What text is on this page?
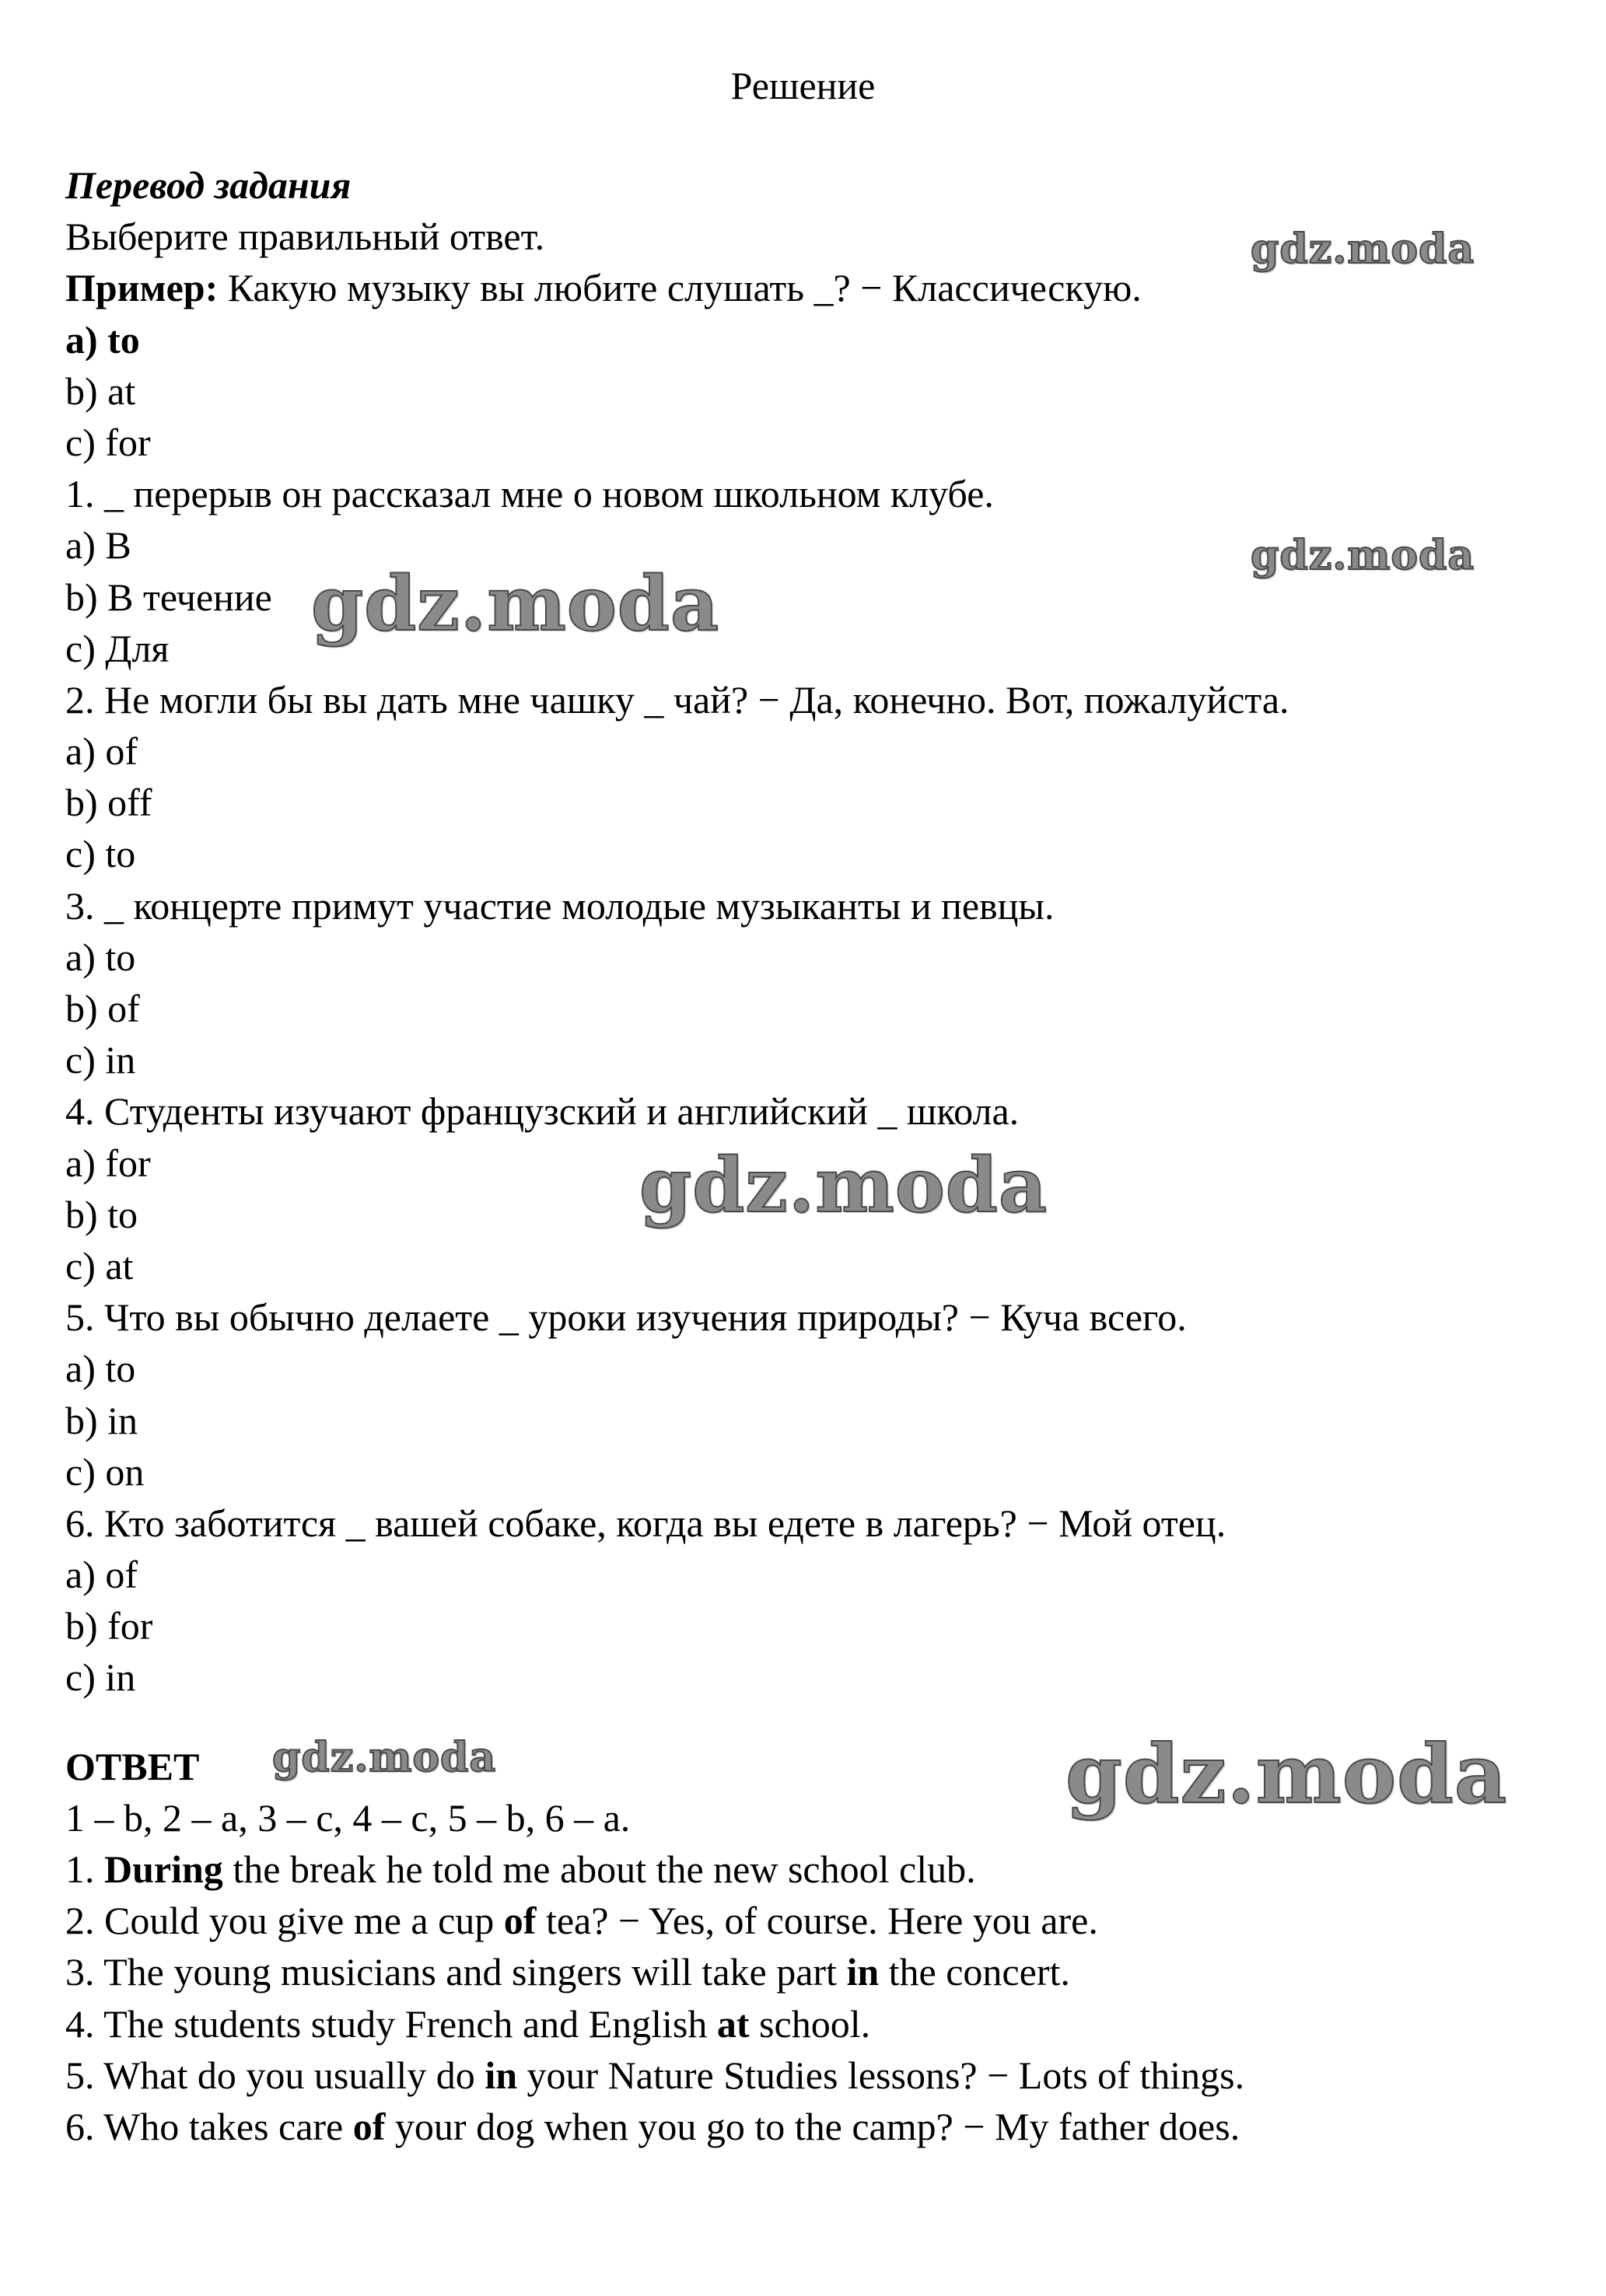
Решение
Перевод задания
Выберите правильный ответ.
Пример: Какую музыку вы любите слушать _? − Классическую.
a) to
b) at
c) for
1. _ перерыв он рассказал мне о новом школьном клубе.
a) В
b) В течение
c) Для
2. Не могли бы вы дать мне чашку _ чай? − Да, конечно. Вот, пожалуйста.
a) of
b) off
c) to
3. _ концерте примут участие молодые музыканты и певцы.
a) to
b) of
c) in
4. Студенты изучают французский и английский _ школа.
a) for
b) to
c) at
5. Что вы обычно делаете _ уроки изучения природы? − Куча всего.
a) to
b) in
c) on
6. Кто заботится _ вашей собаке, когда вы едете в лагерь? − Мой отец.
a) of
b) for
c) in
ОТВЕТ
1 – b, 2 – a, 3 – c, 4 – c, 5 – b, 6 – a.
1. During the break he told me about the new school club.
2. Could you give me a cup of tea? − Yes, of course. Here you are.
3. The young musicians and singers will take part in the concert.
4. The students study French and English at school.
5. What do you usually do in your Nature Studies lessons? − Lots of things.
6. Who takes care of your dog when you go to the camp? − My father does.
gdz.moda
gdz.moda
gdz.moda
gdz.moda
gdz.moda	gdz.moda
